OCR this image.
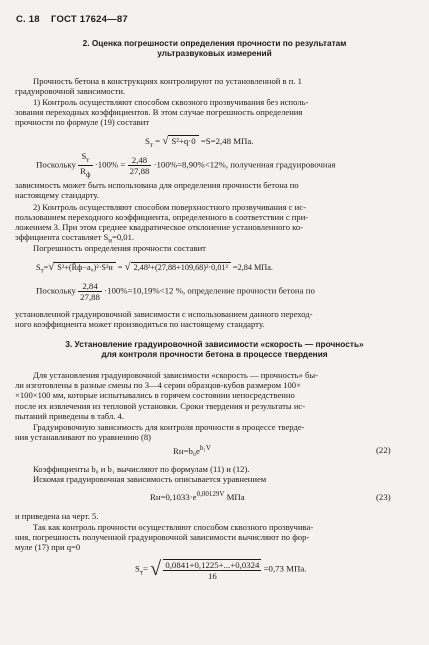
С. 18 ГОСТ 17624—87
2. Оценка погрешности определения прочности по результатам
ультразвуковых измерений
Прочность бетона в конструкциях контролируют по установленной в п. 1
градуировочной зависимости.
1) Контроль осуществляют способом сквозного прозвучивания без исполь-
зования переходных коэффициентов. В этом случае погрешность определения
прочности по формуле (19) составит
$S_т$ = √ S²+q·0 =S=2,48 МПа.
Поскольку $\frac{S_т}{R_ф} \cdot 100\% = \frac{2,48}{27,88} \cdot 100\%=8,90\%<12\%$, полученная градуировочная
зависимость может быть использована для определения прочности бетона по
настоящему стандарту.
2) Контроль осуществляют способом поверхностного прозвучивания с ис-
пользованием переходного коэффициента, определенного в соответствии с при-
ложением 3. При этом среднее квадратическое отклонение установленного ко-
эффициента составляет $S_н=0,01$.
Погрешность определения прочности составит
$S_т=√$ S²+(R̄ф−a₀)²·S²н = √ 2,48²+(27,88+109,68)²·0,01² =2,84 МПа.
Поскольку $\frac{2,84}{27,88} \cdot 100\%=10,19\%<12$ %, определение прочности бетона по
установленной градуировочной зависимости с использованием данного переход-
ного коэффициента может производиться по настоящему стандарту.
3. Установление градуировочной зависимости «скорость — прочность»
для контроля прочности бетона в процессе твердения
Для установления градуировочной зависимости «скорость — прочность» бы-
ли изготовлены в разные смены по 3—4 серии образцов-кубов размером 100×
×100×100 мм, которые испытывались в горячем состоянии непосредственно
после их извлечения из тепловой установки. Сроки твердения и результаты ис-
пытаний приведены в табл. 4.
Градуировочную зависимость для контроля прочности в процессе тверде-
ния устанавливают по уравнению (8)
$Rн=b_0e^{b_1V}$	(22)
Коэффициенты b₀ и b₁ вычисляют по формулам (11) и (12).
Искомая градуировочная зависимость описывается уравнением
$Rн=0,1033\cdot e^{0,00129V}$ МПа	(23)
и приведена на черт. 5.
Так как контроль прочности осуществляют способом сквозного прозвучива-
ния, погрешность полученной градуировочной зависимости вычисляют по фор-
муле (17) при q=0
$S_т=$ √ $\frac{0,0841+0,1225+...+0,0324}{16} =0,73$ МПа.
